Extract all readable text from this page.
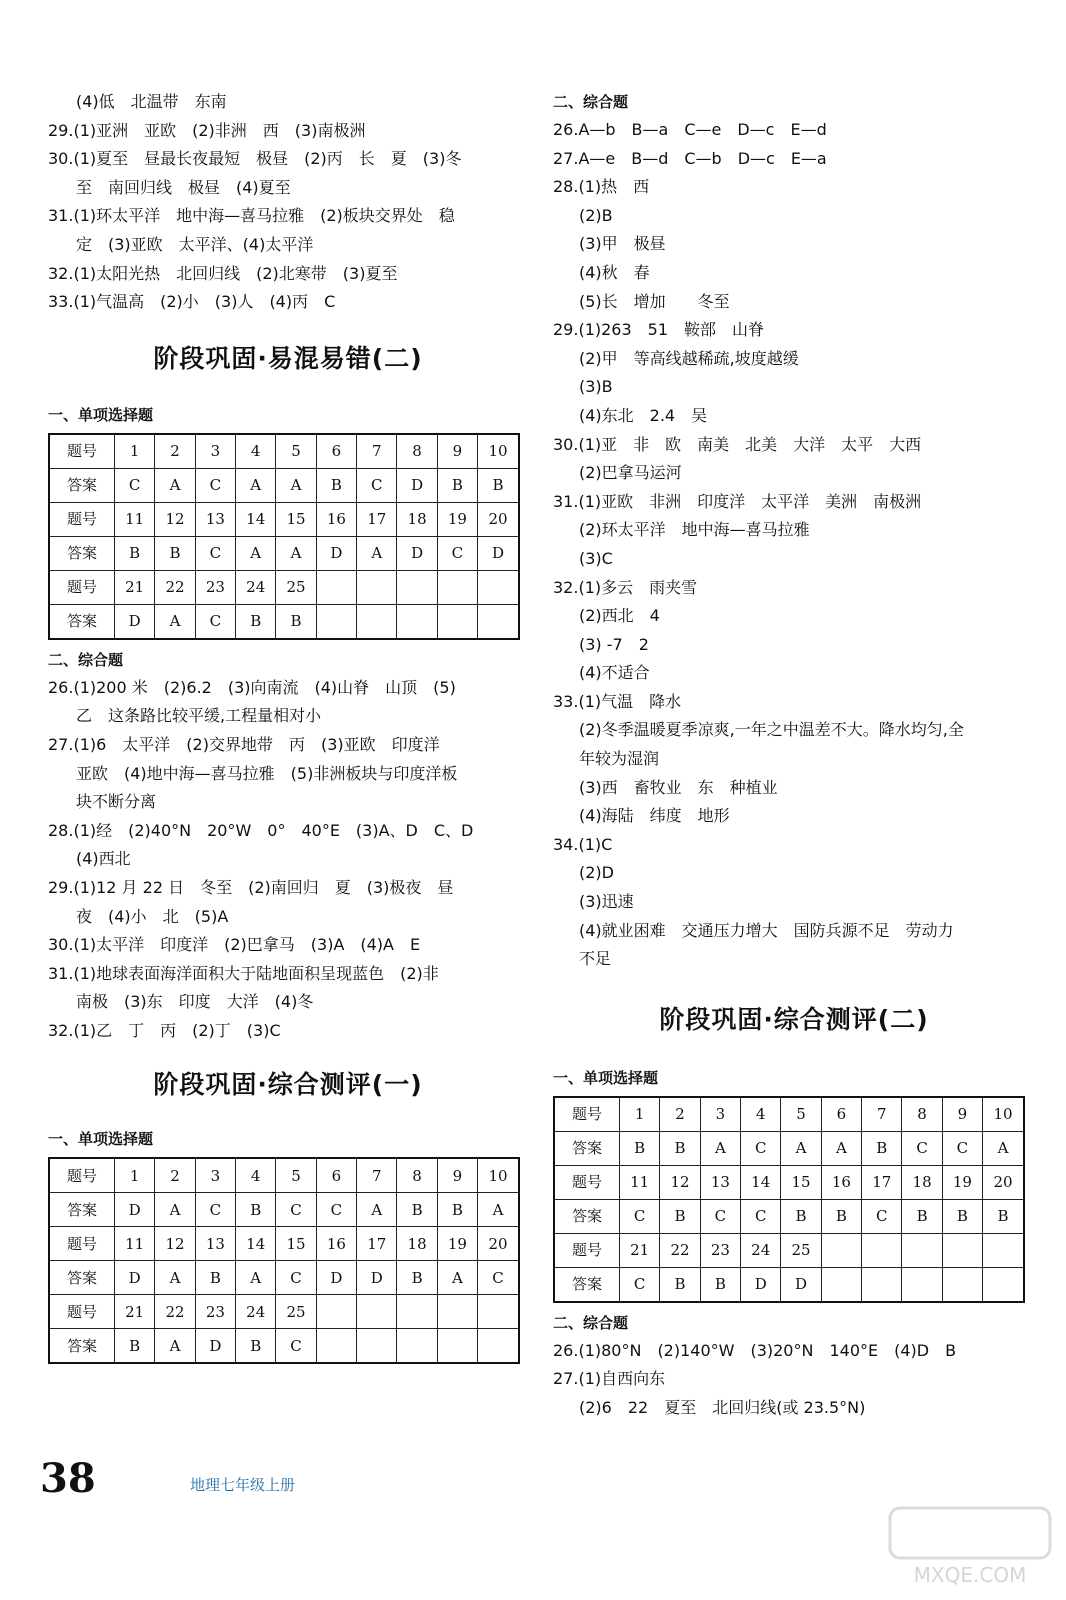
(4)低　北温带　东南
29.(1)亚洲　亚欧　(2)非洲　西　(3)南极洲
30.(1)夏至　昼最长夜最短　极昼　(2)丙　长　夏　(3)冬
至　南回归线　极昼　(4)夏至
31.(1)环太平洋　地中海—喜马拉雅　(2)板块交界处　稳
定　(3)亚欧　太平洋、(4)太平洋
32.(1)太阳光热　北回归线　(2)北寒带　(3)夏至
33.(1)气温高　(2)小　(3)人　(4)丙　C
阶段巩固·易混易错(二)
一、单项选择题
题号	1	2	3	4	5	6	7	8	9	10
答案	C	A	C	A	A	B	C	D	B	B
题号	11	12	13	14	15	16	17	18	19	20
答案	B	B	C	A	A	D	A	D	C	D
题号	21	22	23	24	25					
答案	D	A	C	B	B					
二、综合题
26.(1)200 米　(2)6.2　(3)向南流　(4)山脊　山顶　(5)
乙　这条路比较平缓,工程量相对小
27.(1)6　太平洋　(2)交界地带　丙　(3)亚欧　印度洋
亚欧　(4)地中海—喜马拉雅　(5)非洲板块与印度洋板
块不断分离
28.(1)经　(2)40°N　20°W　0°　40°E　(3)A、D　C、D
(4)西北
29.(1)12 月 22 日　冬至　(2)南回归　夏　(3)极夜　昼
夜　(4)小　北　(5)A
30.(1)太平洋　印度洋　(2)巴拿马　(3)A　(4)A　E
31.(1)地球表面海洋面积大于陆地面积呈现蓝色　(2)非
南极　(3)东　印度　大洋　(4)冬
32.(1)乙　丁　丙　(2)丁　(3)C
阶段巩固·综合测评(一)
一、单项选择题
题号	1	2	3	4	5	6	7	8	9	10
答案	D	A	C	B	C	C	A	B	B	A
题号	11	12	13	14	15	16	17	18	19	20
答案	D	A	B	A	C	D	D	B	A	C
题号	21	22	23	24	25					
答案	B	A	D	B	C					
二、综合题
26.A—b　B—a　C—e　D—c　E—d
27.A—e　B—d　C—b　D—c　E—a
28.(1)热　西
(2)B
(3)甲　极昼
(4)秋　春
(5)长　增加　　冬至
29.(1)263　51　鞍部　山脊
(2)甲　等高线越稀疏,坡度越缓
(3)B
(4)东北　2.4　吴
30.(1)亚　非　欧　南美　北美　大洋　太平　大西
(2)巴拿马运河
31.(1)亚欧　非洲　印度洋　太平洋　美洲　南极洲
(2)环太平洋　地中海—喜马拉雅
(3)C
32.(1)多云　雨夹雪
(2)西北　4
(3) -7　2
(4)不适合
33.(1)气温　降水
(2)冬季温暖夏季凉爽,一年之中温差不大。降水均匀,全
年较为湿润
(3)西　畜牧业　东　种植业
(4)海陆　纬度　地形
34.(1)C
(2)D
(3)迅速
(4)就业困难　交通压力增大　国防兵源不足　劳动力
不足
阶段巩固·综合测评(二)
一、单项选择题
题号	1	2	3	4	5	6	7	8	9	10
答案	B	B	A	C	A	A	B	C	C	A
题号	11	12	13	14	15	16	17	18	19	20
答案	C	B	C	C	B	B	C	B	B	B
题号	21	22	23	24	25					
答案	C	B	B	D	D					
二、综合题
26.(1)80°N　(2)140°W　(3)20°N　140°E　(4)D　B
27.(1)自西向东
(2)6　22　夏至　北回归线(或 23.5°N)
38	地理七年级上册
MXQE.COM
